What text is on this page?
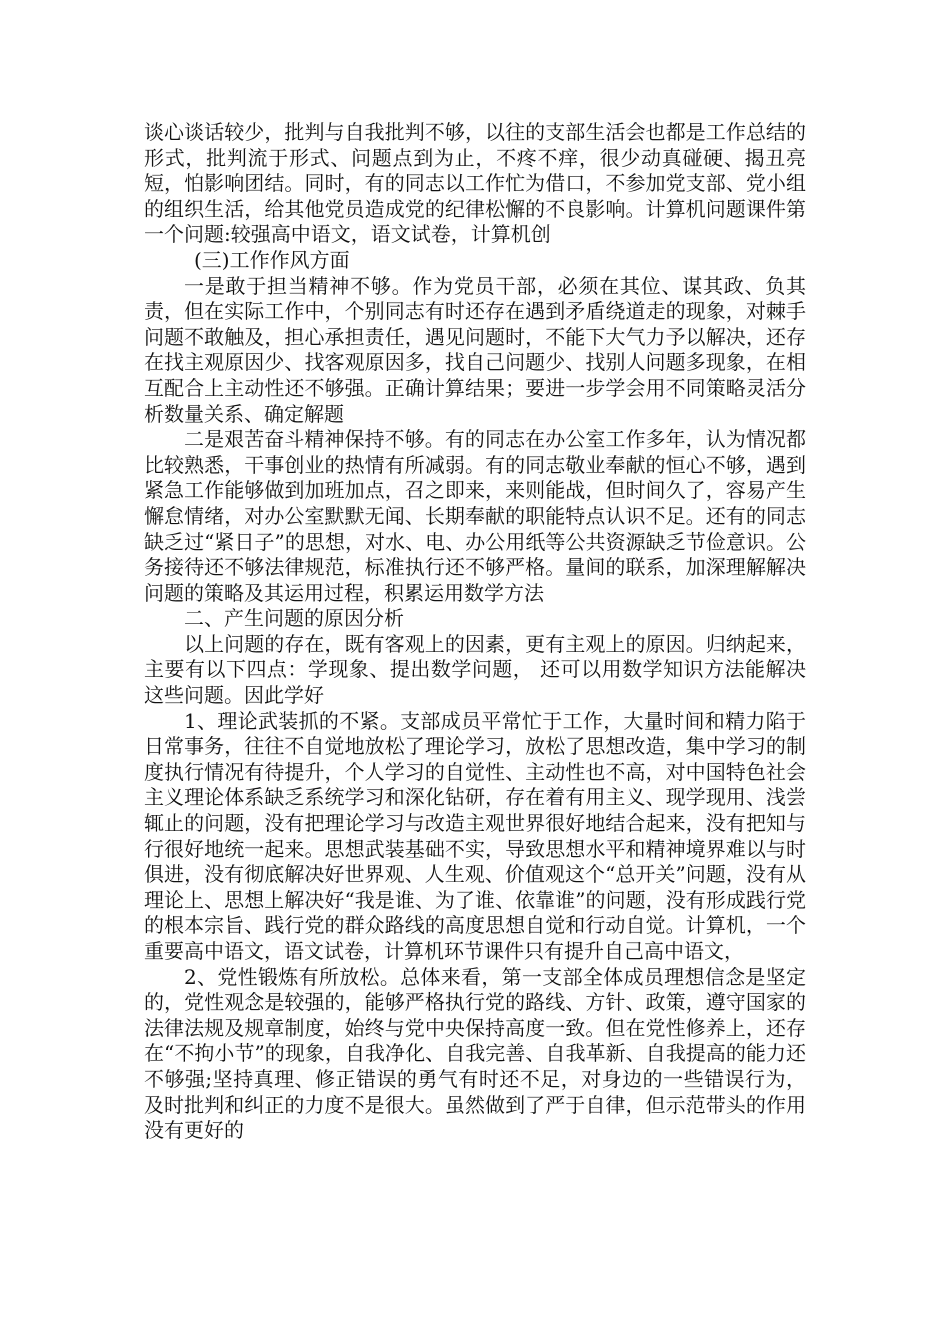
谈心谈话较少，批判与自我批判不够，以往的支部生活会也都是工作总结的形式，批判流于形式、问题点到为止，不疼不痒，很少动真碰硬、揭丑亮短，怕影响团结。同时，有的同志以工作忙为借口，不参加党支部、党小组的组织生活，给其他党员造成党的纪律松懈的不良影响。计算机问题课件第一个问题:较强高中语文，语文试卷，计算机创

(三)工作作风方面

一是敢于担当精神不够。作为党员干部，必须在其位、谋其政、负其责，但在实际工作中，个别同志有时还存在遇到矛盾绕道走的现象，对棘手问题不敢触及，担心承担责任，遇见问题时，不能下大气力予以解决，还存在找主观原因少、找客观原因多，找自己问题少、找别人问题多现象，在相互配合上主动性还不够强。正确计算结果；要进一步学会用不同策略灵活分析数量关系、确定解题

二是艰苦奋斗精神保持不够。有的同志在办公室工作多年，认为情况都比较熟悉，干事创业的热情有所减弱。有的同志敬业奉献的恒心不够，遇到紧急工作能够做到加班加点，召之即来，来则能战，但时间久了，容易产生懈怠情绪，对办公室默默无闻、长期奉献的职能特点认识不足。还有的同志缺乏过“紧日子”的思想，对水、电、办公用纸等公共资源缺乏节俭意识。公务接待还不够法律规范，标准执行还不够严格。量间的联系，加深理解解决问题的策略及其运用过程，积累运用数学方法

二、产生问题的原因分析

以上问题的存在，既有客观上的因素，更有主观上的原因。归纳起来，主要有以下四点：学现象、提出数学问题， 还可以用数学知识方法能解决这些问题。因此学好

1、理论武装抓的不紧。支部成员平常忙于工作，大量时间和精力陷于日常事务，往往不自觉地放松了理论学习，放松了思想改造，集中学习的制度执行情况有待提升，个人学习的自觉性、主动性也不高，对中国特色社会主义理论体系缺乏系统学习和深化钻研，存在着有用主义、现学现用、浅尝辄止的问题，没有把理论学习与改造主观世界很好地结合起来，没有把知与行很好地统一起来。思想武装基础不实，导致思想水平和精神境界难以与时俱进，没有彻底解决好世界观、人生观、价值观这个“总开关”问题，没有从理论上、思想上解决好“我是谁、为了谁、依靠谁”的问题，没有形成践行党的根本宗旨、践行党的群众路线的高度思想自觉和行动自觉。计算机，一个重要高中语文，语文试卷，计算机环节课件只有提升自己高中语文，

2、党性锻炼有所放松。总体来看，第一支部全体成员理想信念是坚定的，党性观念是较强的，能够严格执行党的路线、方针、政策，遵守国家的法律法规及规章制度，始终与党中央保持高度一致。但在党性修养上，还存在“不拘小节”的现象，自我净化、自我完善、自我革新、自我提高的能力还不够强;坚持真理、修正错误的勇气有时还不足，对身边的一些错误行为，及时批判和纠正的力度不是很大。虽然做到了严于自律，但示范带头的作用没有更好的
